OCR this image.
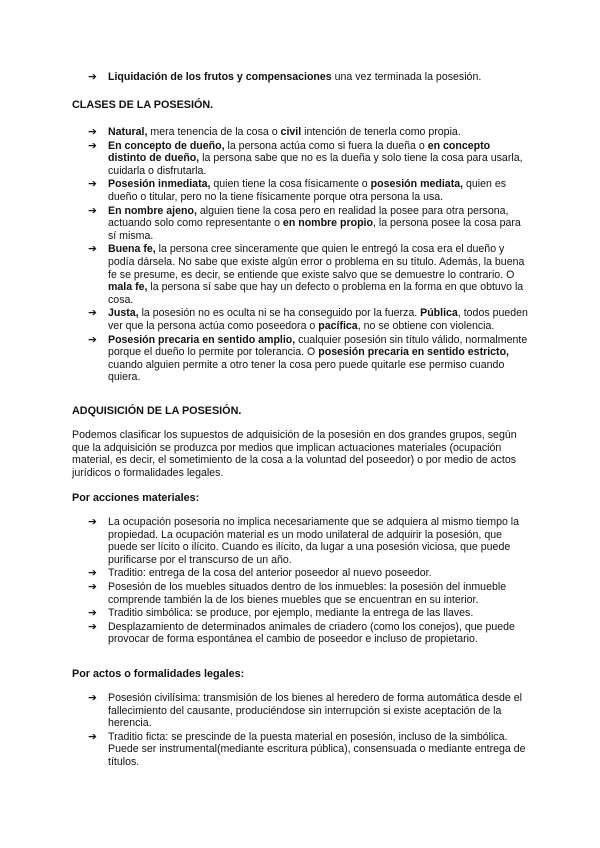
➔ Liquidación de los frutos y compensaciones una vez terminada la posesión.
CLASES DE LA POSESIÓN.
➔ Natural, mera tenencia de la cosa o civil intención de tenerla como propia.
➔ En concepto de dueño, la persona actúa como si fuera la dueña o en concepto distinto de dueño, la persona sabe que no es la dueña y solo tiene la cosa para usarla, cuidarla o disfrutarla.
➔ Posesión inmediata, quien tiene la cosa físicamente o posesión mediata, quien es dueño o titular, pero no la tiene físicamente porque otra persona la usa.
➔ En nombre ajeno, alguien tiene la cosa pero en realidad la posee para otra persona, actuando solo como representante o en nombre propio, la persona posee la cosa para sí misma.
➔ Buena fe, la persona cree sinceramente que quien le entregó la cosa era el dueño y podía dársela. No sabe que existe algún error o problema en su título. Además, la buena fe se presume, es decir, se entiende que existe salvo que se demuestre lo contrario. O mala fe, la persona sí sabe que hay un defecto o problema en la forma en que obtuvo la cosa.
➔ Justa, la posesión no es oculta ni se ha conseguido por la fuerza. Pública, todos pueden ver que la persona actúa como poseedora o pacífica, no se obtiene con violencia.
➔ Posesión precaria en sentido amplio, cualquier posesión sin título válido, normalmente porque el dueño lo permite por tolerancia. O posesión precaria en sentido estricto, cuando alguien permite a otro tener la cosa pero puede quitarle ese permiso cuando quiera.
ADQUISICIÓN DE LA POSESIÓN.
Podemos clasificar los supuestos de adquisición de la posesión en dos grandes grupos, según que la adquisición se produzca por medios que implican actuaciones materiales (ocupación material, es decir, el sometimiento de la cosa a la voluntad del poseedor) o por medio de actos jurídicos o formalidades legales.
Por acciones materiales:
➔ La ocupación posesoria no implica necesariamente que se adquiera al mismo tiempo la propiedad. La ocupación material es un modo unilateral de adquirir la posesión, que puede ser lícito o ilícito. Cuando es ilícito, da lugar a una posesión viciosa, que puede purificarse por el transcurso de un año.
➔ Traditio: entrega de la cosa del anterior poseedor al nuevo poseedor.
➔ Posesión de los muebles situados dentro de los inmuebles: la posesión del inmueble comprende también la de los bienes muebles que se encuentran en su interior.
➔ Traditio simbólica: se produce, por ejemplo, mediante la entrega de las llaves.
➔ Desplazamiento de determinados animales de criadero (como los conejos), que puede provocar de forma espontánea el cambio de poseedor e incluso de propietario.
Por actos o formalidades legales:
➔ Posesión civilísima: transmisión de los bienes al heredero de forma automática desde el fallecimiento del causante, produciéndose sin interrupción si existe aceptación de la herencia.
➔ Traditio ficta: se prescinde de la puesta material en posesión, incluso de la simbólica. Puede ser instrumental(mediante escritura pública), consensuada o mediante entrega de títulos.
